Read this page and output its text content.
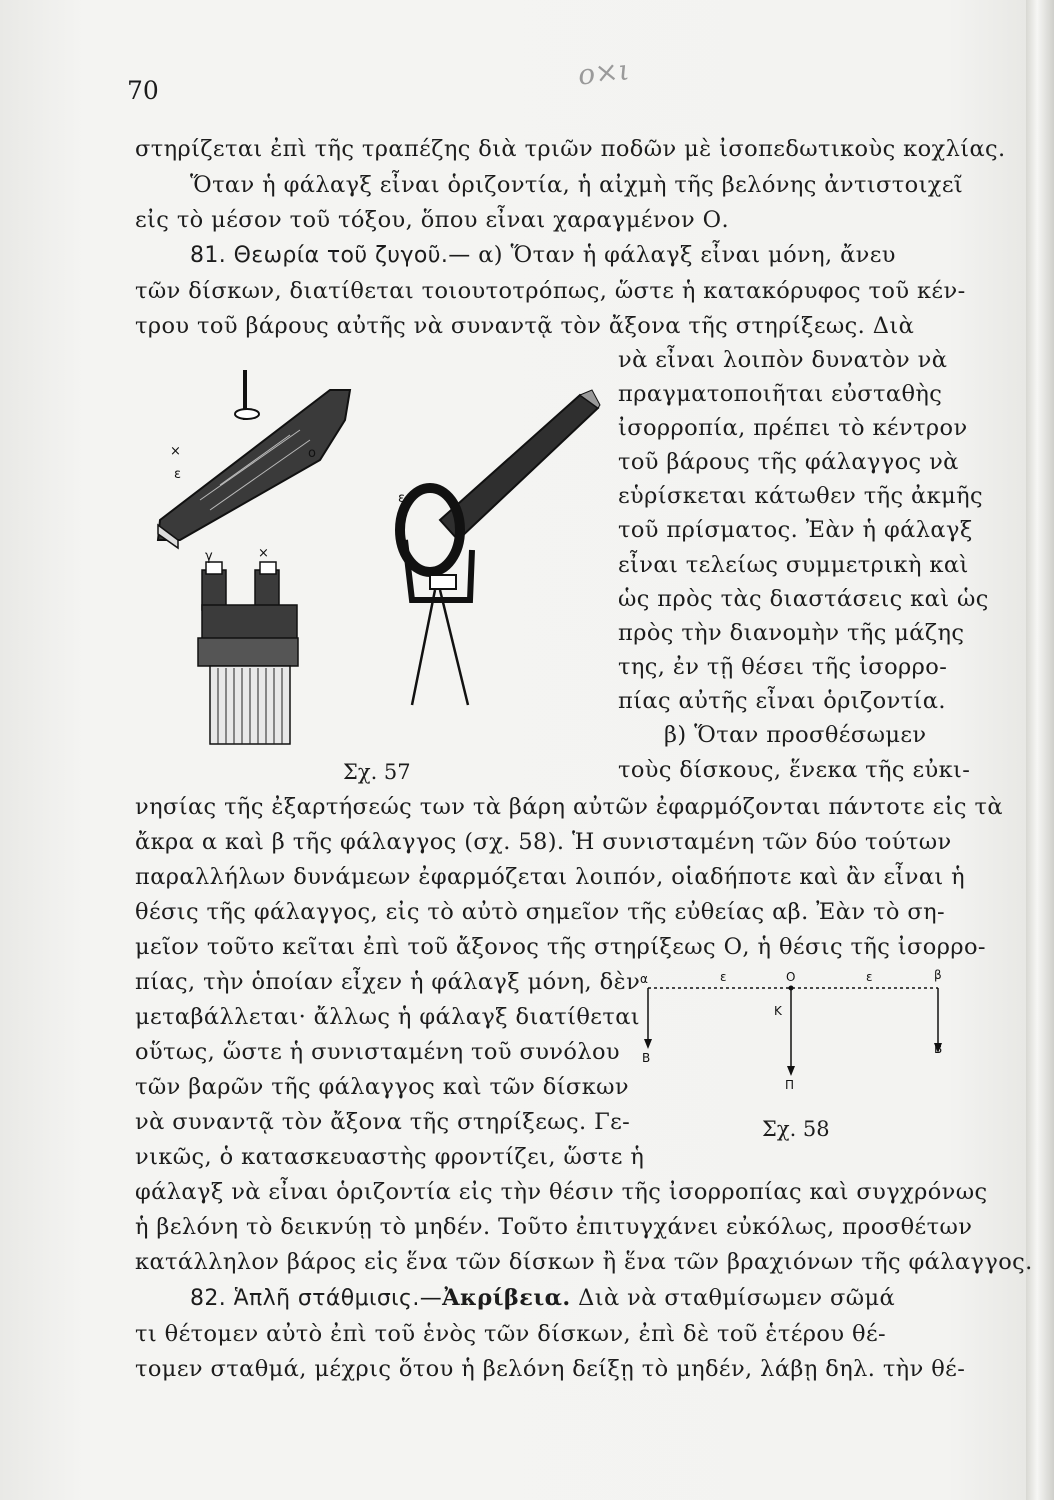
70	ο×ι
στηρίζεται ἐπὶ τῆς τραπέζης διὰ τριῶν ποδῶν μὲ ἰσοπεδωτικοὺς κοχλίας.
Ὅταν ἡ φάλαγξ εἶναι ὁριζοντία, ἡ αἰχμὴ τῆς βελόνης ἀντιστοιχεῖ
εἰς τὸ μέσον τοῦ τόξου, ὅπου εἶναι χαραγμένον Ο.
81. Θεωρία τοῦ ζυγοῦ.— α) Ὅταν ἡ φάλαγξ εἶναι μόνη, ἄνευ
τῶν δίσκων, διατίθεται τοιουτοτρόπως, ὥστε ἡ κατακόρυφος τοῦ κέν-
τρου τοῦ βάρους αὐτῆς νὰ συναντᾷ τὸν ἄξονα τῆς στηρίξεως. Διὰ
νὰ εἶναι λοιπὸν δυνατὸν νὰ
πραγματοποιῆται εὐσταθὴς
ἰσορροπία, πρέπει τὸ κέντρον
τοῦ βάρους τῆς φάλαγγος νὰ
εὑρίσκεται κάτωθεν τῆς ἀκμῆς
τοῦ πρίσματος. Ἐὰν ἡ φάλαγξ
εἶναι τελείως συμμετρικὴ καὶ
ὡς πρὸς τὰς διαστάσεις καὶ ὡς
πρὸς τὴν διανομὴν τῆς μάζης
της, ἐν τῇ θέσει τῆς ἰσορρο-
πίας αὐτῆς εἶναι ὁριζοντία.
β) Ὅταν προσθέσωμεν
τοὺς δίσκους, ἕνεκα τῆς εὐκι-
×
ε
ο
γ	×
ε
Σχ. 57
νησίας τῆς ἐξαρτήσεώς των τὰ βάρη αὐτῶν ἐφαρμόζονται πάντοτε εἰς τὰ
ἄκρα α καὶ β τῆς φάλαγγος (σχ. 58). Ἡ συνισταμένη τῶν δύο τούτων
παραλλήλων δυνάμεων ἐφαρμόζεται λοιπόν, οἱαδήποτε καὶ ἂν εἶναι ἡ
θέσις τῆς φάλαγγος, εἰς τὸ αὐτὸ σημεῖον τῆς εὐθείας αβ. Ἐὰν τὸ ση-
μεῖον τοῦτο κεῖται ἐπὶ τοῦ ἄξονος τῆς στηρίξεως Ο, ἡ θέσις τῆς ἰσορρο-
πίας, τὴν ὁποίαν εἶχεν ἡ φάλαγξ μόνη, δὲν
μεταβάλλεται· ἄλλως ἡ φάλαγξ διατίθεται
οὕτως, ὥστε ἡ συνισταμένη τοῦ συνόλου
τῶν βαρῶν τῆς φάλαγγος καὶ τῶν δίσκων
νὰ συναντᾷ τὸν ἄξονα τῆς στηρίξεως. Γε-
νικῶς, ὁ κατασκευαστὴς φροντίζει, ὥστε ἡ
α	ε	Ο	ε	β
Κ
Β
Β
Π
Σχ. 58
φάλαγξ νὰ εἶναι ὁριζοντία εἰς τὴν θέσιν τῆς ἰσορροπίας καὶ συγχρόνως
ἡ βελόνη τὸ δεικνύῃ τὸ μηδέν. Τοῦτο ἐπιτυγχάνει εὐκόλως, προσθέτων
κατάλληλον βάρος εἰς ἕνα τῶν δίσκων ἢ ἕνα τῶν βραχιόνων τῆς φάλαγγος.
82. Ἁπλῆ στάθμισις.—Ἀκρίβεια. Διὰ νὰ σταθμίσωμεν σῶμά
τι θέτομεν αὐτὸ ἐπὶ τοῦ ἑνὸς τῶν δίσκων, ἐπὶ δὲ τοῦ ἑτέρου θέ-
τομεν σταθμά, μέχρις ὅτου ἡ βελόνη δείξῃ τὸ μηδέν, λάβῃ δηλ. τὴν θέ-
